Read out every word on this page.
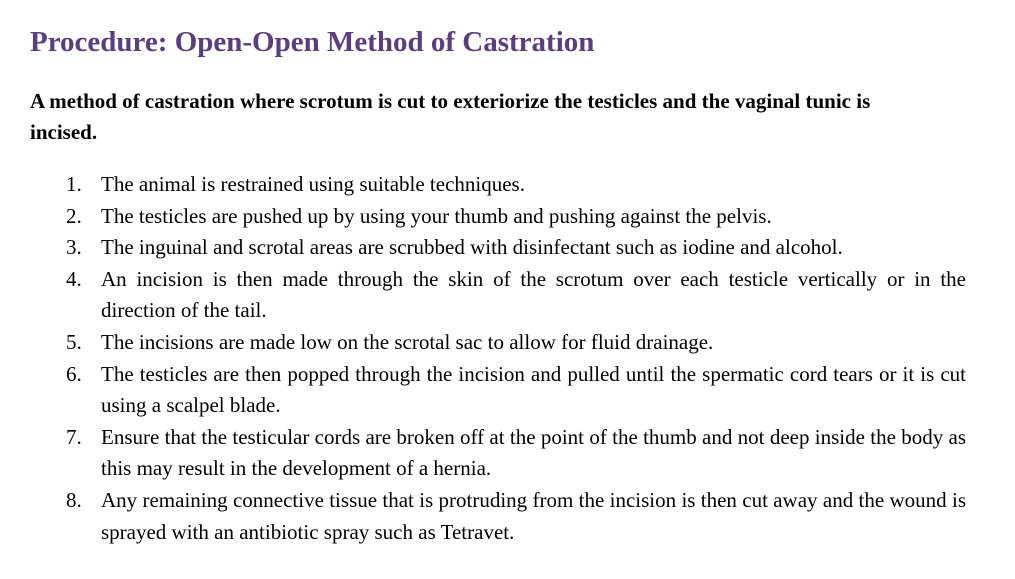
Procedure: Open-Open Method of Castration

A method of castration where scrotum is cut to exteriorize the testicles and the vaginal tunic is incised.

1. The animal is restrained using suitable techniques.
2. The testicles are pushed up by using your thumb and pushing against the pelvis.
3. The inguinal and scrotal areas are scrubbed with disinfectant such as iodine and alcohol.
4. An incision is then made through the skin of the scrotum over each testicle vertically or in the direction of the tail.
5. The incisions are made low on the scrotal sac to allow for fluid drainage.
6. The testicles are then popped through the incision and pulled until the spermatic cord tears or it is cut using a scalpel blade.
7. Ensure that the testicular cords are broken off at the point of the thumb and not deep inside the body as this may result in the development of a hernia.
8. Any remaining connective tissue that is protruding from the incision is then cut away and the wound is sprayed with an antibiotic spray such as Tetravet.
